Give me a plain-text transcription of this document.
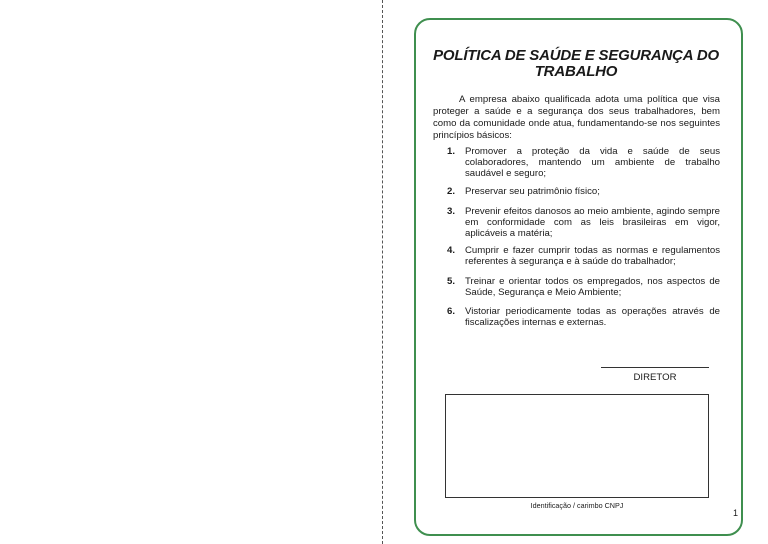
POLÍTICA DE SAÚDE E SEGURANÇA DO TRABALHO
A empresa abaixo qualificada adota uma política que visa proteger a saúde e a segurança dos seus trabalhadores, bem como da comunidade onde atua, fundamentando-se nos seguintes princípios básicos:
1. Promover a proteção da vida e saúde de seus colaboradores, mantendo um ambiente de trabalho saudável e seguro;
2. Preservar seu patrimônio físico;
3. Prevenir efeitos danosos ao meio ambiente, agindo sempre em conformidade com as leis brasileiras em vigor, aplicáveis a matéria;
4. Cumprir e fazer cumprir todas as normas e regulamentos referentes à segurança e à saúde do trabalhador;
5. Treinar e orientar todos os empregados, nos aspectos de Saúde, Segurança e Meio Ambiente;
6. Vistoriar periodicamente todas as operações através de fiscalizações internas e externas.
DIRETOR
Identificação / carimbo CNPJ
1
